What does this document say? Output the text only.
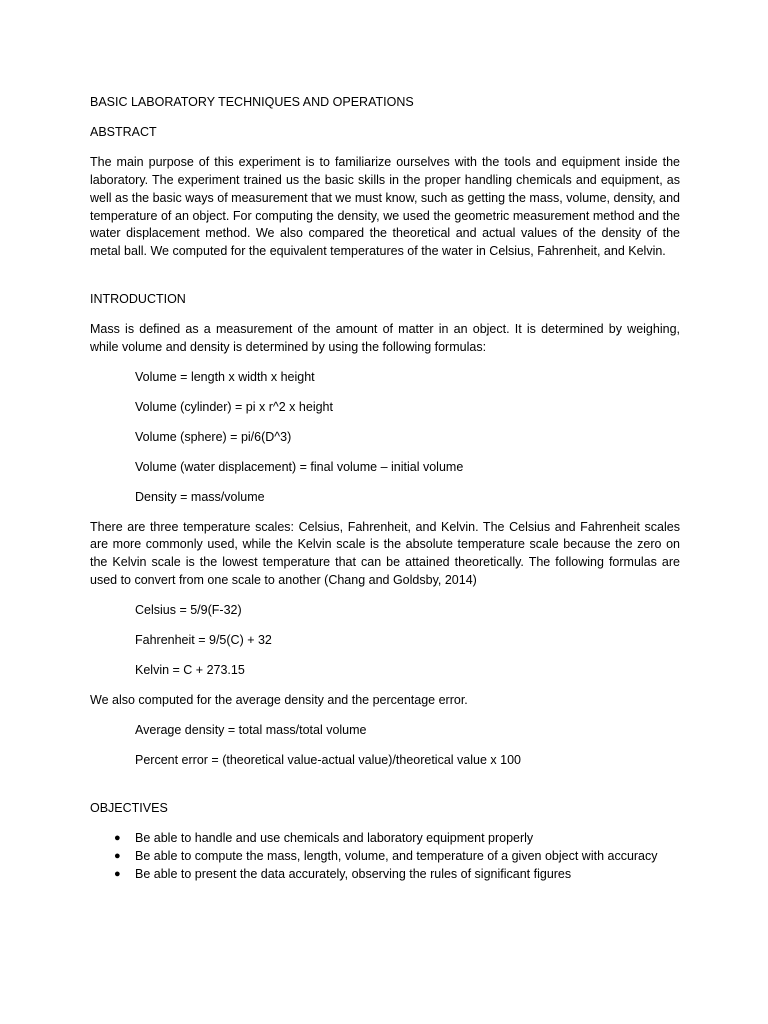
BASIC LABORATORY TECHNIQUES AND OPERATIONS
ABSTRACT

The main purpose of this experiment is to familiarize ourselves with the tools and equipment inside the laboratory. The experiment trained us the basic skills in the proper handling chemicals and equipment, as well as the basic ways of measurement that we must know, such as getting the mass, volume, density, and temperature of an object. For computing the density, we used the geometric measurement method and the water displacement method. We also compared the theoretical and actual values of the density of the metal ball. We computed for the equivalent temperatures of the water in Celsius, Fahrenheit, and Kelvin.

INTRODUCTION

Mass is defined as a measurement of the amount of matter in an object. It is determined by weighing, while volume and density is determined by using the following formulas:

Volume = length x width x height

Volume (cylinder) = pi x r^2 x height

Volume (sphere) = pi/6(D^3)

Volume (water displacement) = final volume – initial volume

Density = mass/volume

There are three temperature scales: Celsius, Fahrenheit, and Kelvin. The Celsius and Fahrenheit scales are more commonly used, while the Kelvin scale is the absolute temperature scale because the zero on the Kelvin scale is the lowest temperature that can be attained theoretically. The following formulas are used to convert from one scale to another (Chang and Goldsby, 2014)

Celsius = 5/9(F-32)

Fahrenheit = 9/5(C) + 32

Kelvin = C + 273.15

We also computed for the average density and the percentage error.

Average density = total mass/total volume

Percent error = (theoretical value-actual value)/theoretical value x 100

OBJECTIVES
● Be able to handle and use chemicals and laboratory equipment properly
● Be able to compute the mass, length, volume, and temperature of a given object with accuracy
● Be able to present the data accurately, observing the rules of significant figures
